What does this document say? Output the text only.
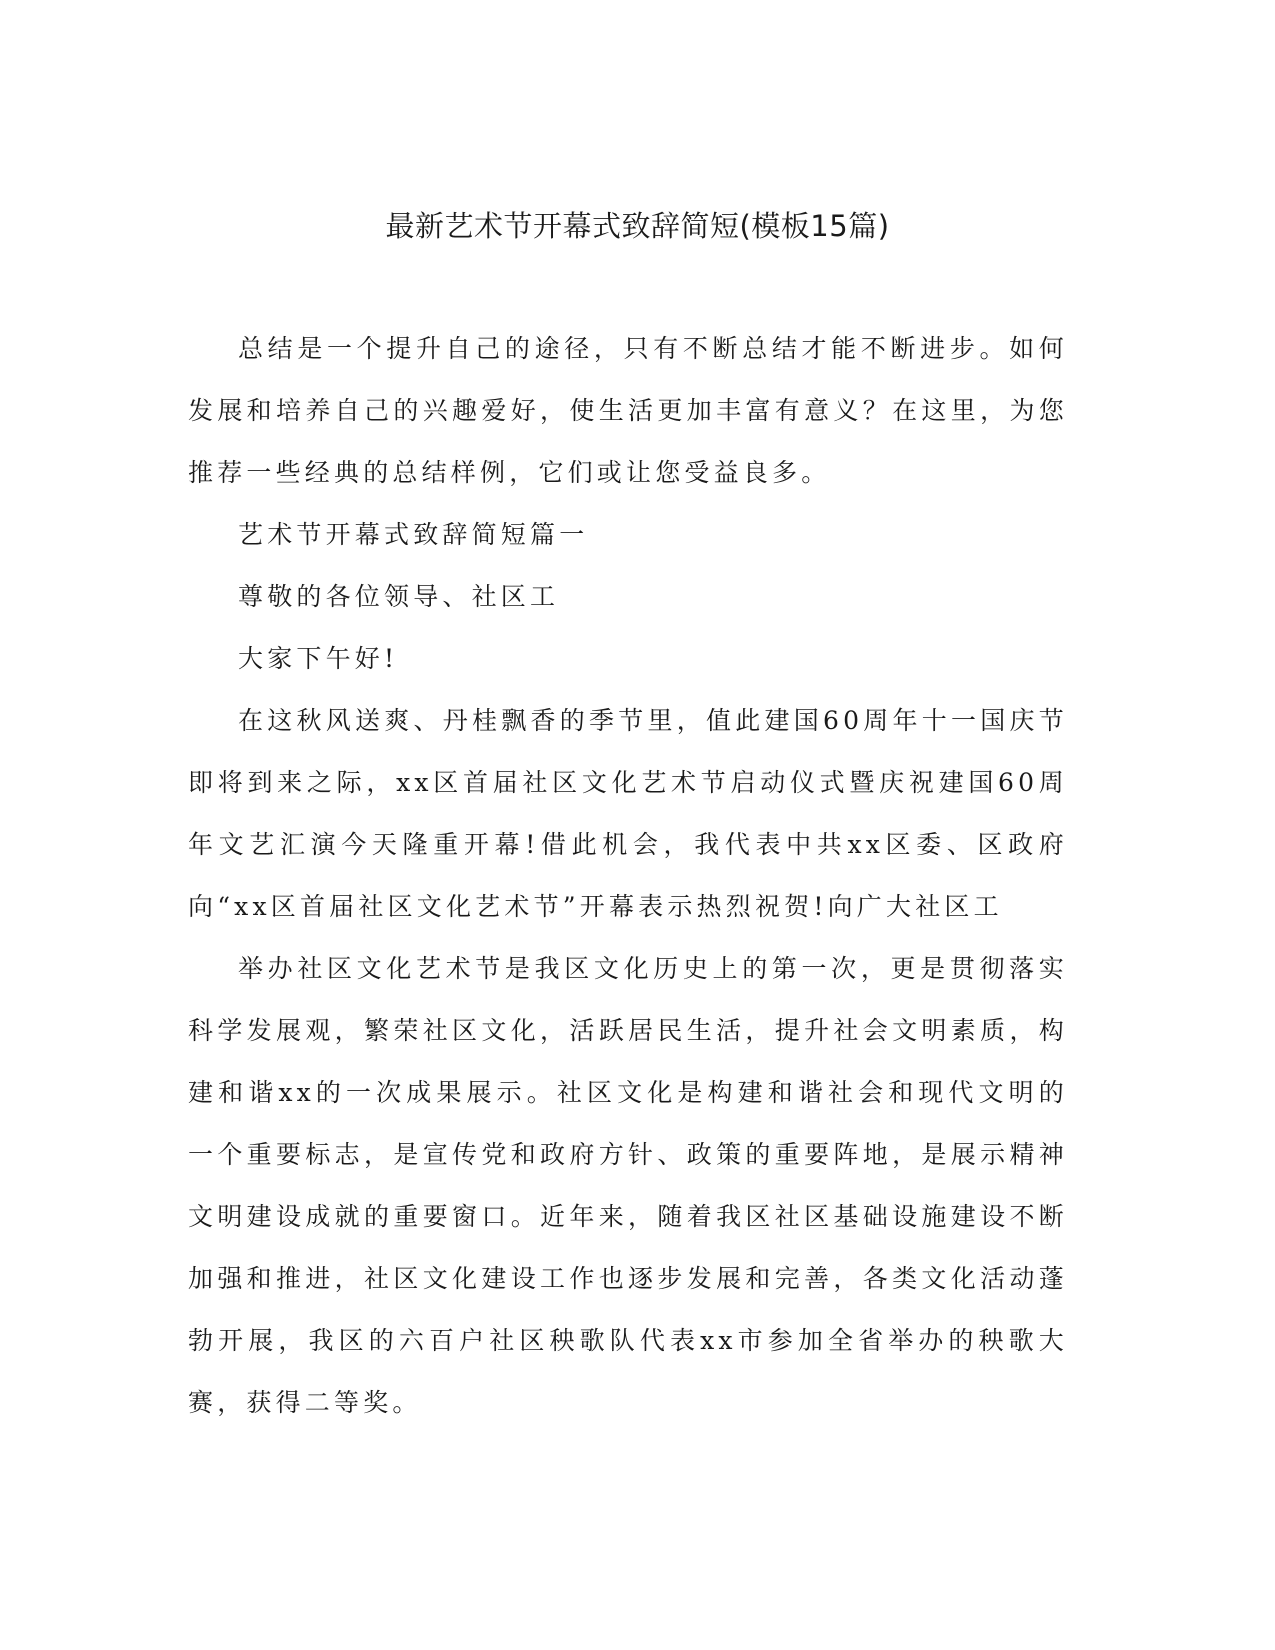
最新艺术节开幕式致辞简短(模板15篇)

总结是一个提升自己的途径，只有不断总结才能不断进步。如何发展和培养自己的兴趣爱好，使生活更加丰富有意义？在这里，为您推荐一些经典的总结样例，它们或让您受益良多。

艺术节开幕式致辞简短篇一

尊敬的各位领导、社区工

大家下午好!

在这秋风送爽、丹桂飘香的季节里，值此建国60周年十一国庆节即将到来之际，xx区首届社区文化艺术节启动仪式暨庆祝建国60周年文艺汇演今天隆重开幕!借此机会，我代表中共xx区委、区政府向“xx区首届社区文化艺术节”开幕表示热烈祝贺!向广大社区工

举办社区文化艺术节是我区文化历史上的第一次，更是贯彻落实科学发展观，繁荣社区文化，活跃居民生活，提升社会文明素质，构建和谐xx的一次成果展示。社区文化是构建和谐社会和现代文明的一个重要标志，是宣传党和政府方针、政策的重要阵地，是展示精神文明建设成就的重要窗口。近年来，随着我区社区基础设施建设不断加强和推进，社区文化建设工作也逐步发展和完善，各类文化活动蓬勃开展，我区的六百户社区秧歌队代表xx市参加全省举办的秧歌大赛，获得二等奖。
